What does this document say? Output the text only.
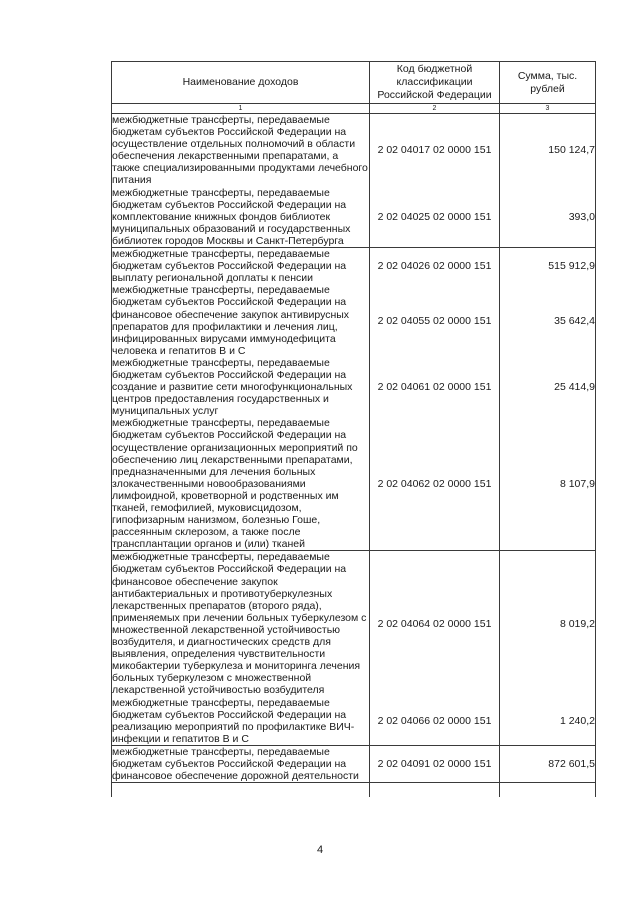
Наименование доходов	Код бюджетной классификации Российской Федерации	Сумма, тыс. рублей
1	2	3
межбюджетные трансферты, передаваемые бюджетам субъектов Российской Федерации на осуществление отдельных полномочий в области обеспечения лекарственными препаратами, а также специализированными продуктами лечебного питания	2 02 04017 02 0000 151	150 124,7
межбюджетные трансферты, передаваемые бюджетам субъектов Российской Федерации на комплектование книжных фондов библиотек муниципальных образований и государственных библиотек городов Москвы и Санкт-Петербурга	2 02 04025 02 0000 151	393,0
межбюджетные трансферты, передаваемые бюджетам субъектов Российской Федерации на выплату региональной доплаты к пенсии	2 02 04026 02 0000 151	515 912,9
межбюджетные трансферты, передаваемые бюджетам субъектов Российской Федерации на финансовое обеспечение закупок антивирусных препаратов для профилактики и лечения лиц, инфицированных вирусами иммунодефицита человека и гепатитов В и С	2 02 04055 02 0000 151	35 642,4
межбюджетные трансферты, передаваемые бюджетам субъектов Российской Федерации на создание и развитие сети многофункциональных центров предоставления государственных и муниципальных услуг	2 02 04061 02 0000 151	25 414,9
межбюджетные трансферты, передаваемые бюджетам субъектов Российской Федерации на осуществление организационных мероприятий по обеспечению лиц лекарственными препаратами, предназначенными для лечения больных злокачественными новообразованиями лимфоидной, кроветворной и родственных им тканей, гемофилией, муковисцидозом, гипофизарным нанизмом, болезнью Гоше, рассеянным склерозом, а также после трансплантации органов и (или) тканей	2 02 04062 02 0000 151	8 107,9
межбюджетные трансферты, передаваемые бюджетам субъектов Российской Федерации на финансовое обеспечение закупок антибактериальных и противотуберкулезных лекарственных препаратов (второго ряда), применяемых при лечении больных туберкулезом с множественной лекарственной устойчивостью возбудителя, и диагностических средств для выявления, определения чувствительности микобактерии туберкулеза и мониторинга лечения больных туберкулезом с множественной лекарственной устойчивостью возбудителя	2 02 04064 02 0000 151	8 019,2
межбюджетные трансферты, передаваемые бюджетам субъектов Российской Федерации на реализацию мероприятий по профилактике ВИЧ-инфекции и гепатитов В и С	2 02 04066 02 0000 151	1 240,2
межбюджетные трансферты, передаваемые бюджетам субъектов Российской Федерации на финансовое обеспечение дорожной деятельности	2 02 04091 02 0000 151	872 601,5

4
